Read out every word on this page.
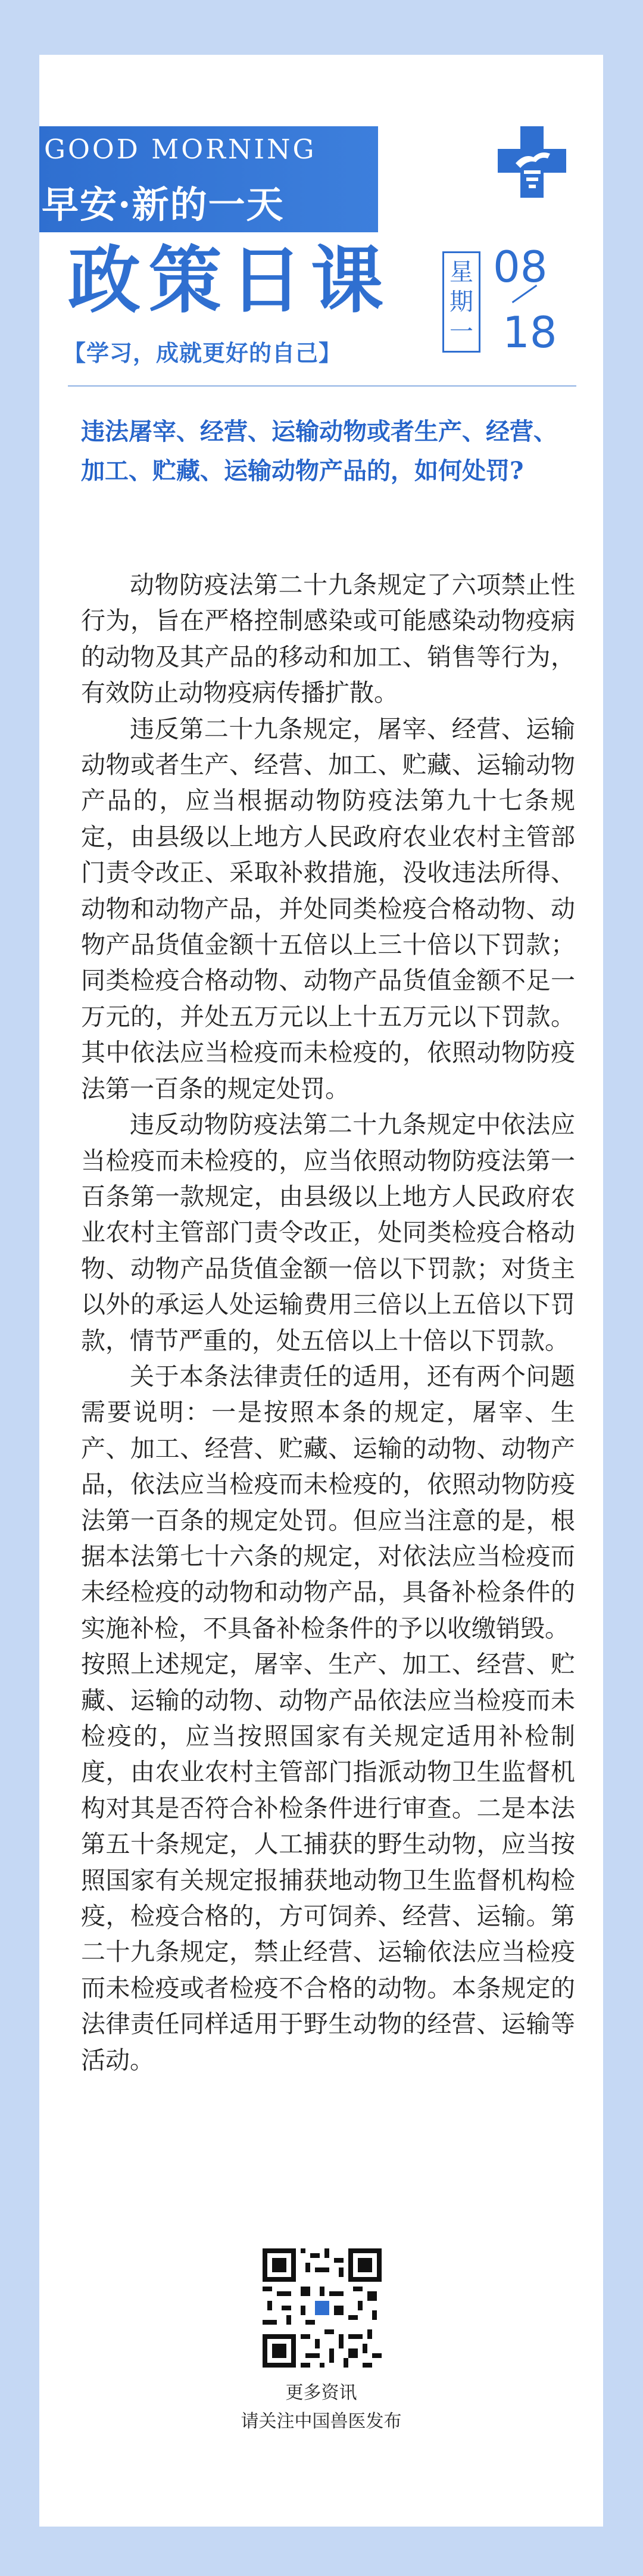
GOOD MORNING
早安·新的一天
政策日课
【学习，成就更好的自己】
星
期
一
08
18
违法屠宰、经营、运输动物或者生产、经营、加工、贮藏、运输动物产品的，如何处罚?

动物防疫法第二十九条规定了六项禁止性行为，旨在严格控制感染或可能感染动物疫病的动物及其产品的移动和加工、销售等行为，有效防止动物疫病传播扩散。

违反第二十九条规定，屠宰、经营、运输动物或者生产、经营、加工、贮藏、运输动物产品的，应当根据动物防疫法第九十七条规定，由县级以上地方人民政府农业农村主管部门责令改正、采取补救措施，没收违法所得、动物和动物产品，并处同类检疫合格动物、动物产品货值金额十五倍以上三十倍以下罚款；同类检疫合格动物、动物产品货值金额不足一万元的，并处五万元以上十五万元以下罚款。其中依法应当检疫而未检疫的，依照动物防疫法第一百条的规定处罚。

违反动物防疫法第二十九条规定中依法应当检疫而未检疫的，应当依照动物防疫法第一百条第一款规定，由县级以上地方人民政府农业农村主管部门责令改正，处同类检疫合格动物、动物产品货值金额一倍以下罚款；对货主以外的承运人处运输费用三倍以上五倍以下罚款，情节严重的，处五倍以上十倍以下罚款。

关于本条法律责任的适用，还有两个问题需要说明：一是按照本条的规定，屠宰、生产、加工、经营、贮藏、运输的动物、动物产品，依法应当检疫而未检疫的，依照动物防疫法第一百条的规定处罚。但应当注意的是，根据本法第七十六条的规定，对依法应当检疫而未经检疫的动物和动物产品，具备补检条件的实施补检，不具备补检条件的予以收缴销毁。

按照上述规定，屠宰、生产、加工、经营、贮藏、运输的动物、动物产品依法应当检疫而未检疫的，应当按照国家有关规定适用补检制度，由农业农村主管部门指派动物卫生监督机构对其是否符合补检条件进行审查。二是本法第五十条规定，人工捕获的野生动物，应当按照国家有关规定报捕获地动物卫生监督机构检疫，检疫合格的，方可饲养、经营、运输。第二十九条规定，禁止经营、运输依法应当检疫而未检疫或者检疫不合格的动物。本条规定的法律责任同样适用于野生动物的经营、运输等活动。

更多资讯
请关注中国兽医发布
